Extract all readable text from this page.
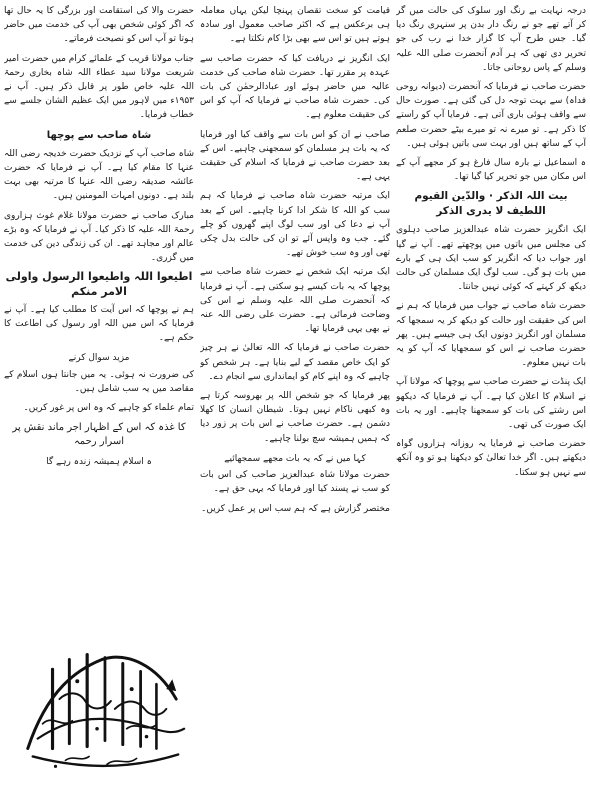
درجہ نہایت بے رنگ اور سلوک کی حالت میں گر کر آتے تھے جو نے رنگ دار بدن پر سنہری رنگ دیا گیا۔ جس طرح آپ کا گزار خدا نے رب کی جو تحریر دی تھی کہ ہر آدم آنحضرت صلی اللہ علیہ وسلم کے پاس روحانی جاتا۔

حضرت صاحب نے فرمایا کہ آنحضرت (دیوانہ روحی فداہ) سے بہت توجہ دل کی گئی ہے۔ صورت حال سے واقف ہوئی باری آتی ہے۔ فرمایا آپ کو راستے کا ذکر ہے۔ تو میرے نہ تو میرے بیٹے حضرت صلعم آپ کے ساتھ ہیں اور بہت سی باتیں ہوئی ہیں۔

ہ اسماعیل نے بارہ سال فارغ ہو کر مجھے آپ کے اس مکان میں جو تحریر کیا گیا تھا۔

بیت اللہ الذکر · والدّین القیوم اللطیف لا یدری الذکر

ایک انگریز حضرت شاہ عبدالعزیز صاحب دہلوی کی مجلس میں باتوں میں پوچھتے تھے۔ آپ نے گیا اور جواب دیا کہ انگریز کو سب ایک ہی کے بارے میں بات ہو گی۔ سب لوگ ایک مسلمان کی حالت دیکھ کر کہتے کہ کوئی نہیں جانتا۔

حضرت شاہ صاحب نے جواب میں فرمایا کہ ہم نے اس کی حقیقت اور حالت کو دیکھ کر یہ سمجھا کہ مسلمان اور انگریز دونوں ایک ہی جیسے ہیں۔ پھر حضرت صاحب نے اس کو سمجھایا کہ آپ کو یہ بات نہیں معلوم۔

ایک پنڈت نے حضرت صاحب سے پوچھا کہ مولانا آپ نے اسلام کا اعلان کیا ہے۔ آپ نے فرمایا کہ دیکھو اس رشتے کی بات کو سمجھنا چاہیے۔ اور یہ بات ایک صورت کی تھی۔

حضرت صاحب نے فرمایا یہ روزانہ ہزاروں گواہ دیکھتے ہیں۔ اگر خدا تعالیٰ کو دیکھنا ہو تو وہ آنکھ سے نہیں ہو سکتا۔

قیامت کو سخت تقصان پہنچا لیکن یہاں معاملہ ہی برعکس ہے کہ اکثر صاحب معمول اور سادہ ہوتے ہیں تو اس سے بھی بڑا کام نکلتا ہے۔

ایک انگریز نے دریافت کیا کہ حضرت صاحب سے عہدہ پر مقرر تھا۔ حضرت شاہ صاحب کی خدمت عالیہ میں حاضر ہوئے اور عبادالرحمٰن کی بات کی۔ حضرت شاہ صاحب نے فرمایا کہ آپ کو اس کی حقیقت معلوم ہے۔

صاحب نے ان کو اس بات سے واقف کیا اور فرمایا کہ یہ بات ہر مسلمان کو سمجھنی چاہیے۔ اس کے بعد حضرت صاحب نے فرمایا کہ اسلام کی حقیقت یہی ہے۔

ایک مرتبہ حضرت شاہ صاحب نے فرمایا کہ ہم سب کو اللہ کا شکر ادا کرنا چاہیے۔ اس کے بعد آپ نے دعا کی اور سب لوگ اپنے گھروں کو چلے گئے۔ جب وہ واپس آئے تو ان کی حالت بدل چکی تھی اور وہ سب خوش تھے۔

ایک مرتبہ ایک شخص نے حضرت شاہ صاحب سے پوچھا کہ یہ بات کیسے ہو سکتی ہے۔ آپ نے فرمایا کہ آنحضرت صلی اللہ علیہ وسلم نے اس کی وضاحت فرمائی ہے۔ حضرت علی رضی اللہ عنہ نے بھی یہی فرمایا تھا۔

حضرت صاحب نے فرمایا کہ اللہ تعالیٰ نے ہر چیز کو ایک خاص مقصد کے لیے بنایا ہے۔ ہر شخص کو چاہیے کہ وہ اپنے کام کو ایمانداری سے انجام دے۔

پھر فرمایا کہ جو شخص اللہ پر بھروسہ کرتا ہے وہ کبھی ناکام نہیں ہوتا۔ شیطان انسان کا کھلا دشمن ہے۔ حضرت صاحب نے اس بات پر زور دیا کہ ہمیں ہمیشہ سچ بولنا چاہیے۔

کہا میں نے کہ یہ بات مجھے سمجھائیے

حضرت مولانا شاہ عبدالعزیز صاحب کی اس بات کو سب نے پسند کیا اور فرمایا کہ یہی حق ہے۔

مختصر گزارش ہے کہ ہم سب اس پر عمل کریں۔

حضرت والا کی استقامت اور بزرگی کا یہ حال تھا کہ اگر کوئی شخص بھی آپ کی خدمت میں حاضر ہوتا تو آپ اس کو نصیحت فرماتے۔

جناب مولانا قریب کے علمائے کرام میں حضرت امیر شریعت مولانا سید عطاء اللہ شاہ بخاری رحمۃ اللہ علیہ خاص طور پر قابل ذکر ہیں۔ آپ نے ۱۹۵۳ء میں لاہور میں ایک عظیم الشان جلسے سے خطاب فرمایا۔

شاہ صاحب سے پوچھا

شاہ صاحب آپ کے نزدیک حضرت خدیجہ رضی اللہ عنہا کا مقام کیا ہے۔ آپ نے فرمایا کہ حضرت عائشہ صدیقہ رضی اللہ عنہا کا مرتبہ بھی بہت بلند ہے۔ دونوں امہات المومنین ہیں۔

مبارک صاحب نے حضرت مولانا غلام غوث ہزاروی رحمۃ اللہ علیہ کا ذکر کیا۔ آپ نے فرمایا کہ وہ بڑے عالم اور مجاہد تھے۔ ان کی زندگی دین کی خدمت میں گزری۔

اطیعوا اللہ واطیعوا الرسول واولی الامر منکم

ہم نے پوچھا کہ اس آیت کا مطلب کیا ہے۔ آپ نے فرمایا کہ اس میں اللہ اور رسول کی اطاعت کا حکم ہے۔

مزید سوال کرنے

کی ضرورت نہ ہوئی۔ یہ میں جانتا ہوں اسلام کے مقاصد میں یہ سب شامل ہیں۔

تمام علماء کو چاہیے کہ وہ اس پر غور کریں۔

کا غذہ کہ اس کے اظہار اجر ماند نقش پر اسرار رحمہ

ہ اسلام ہمیشہ زندہ رہے گا
